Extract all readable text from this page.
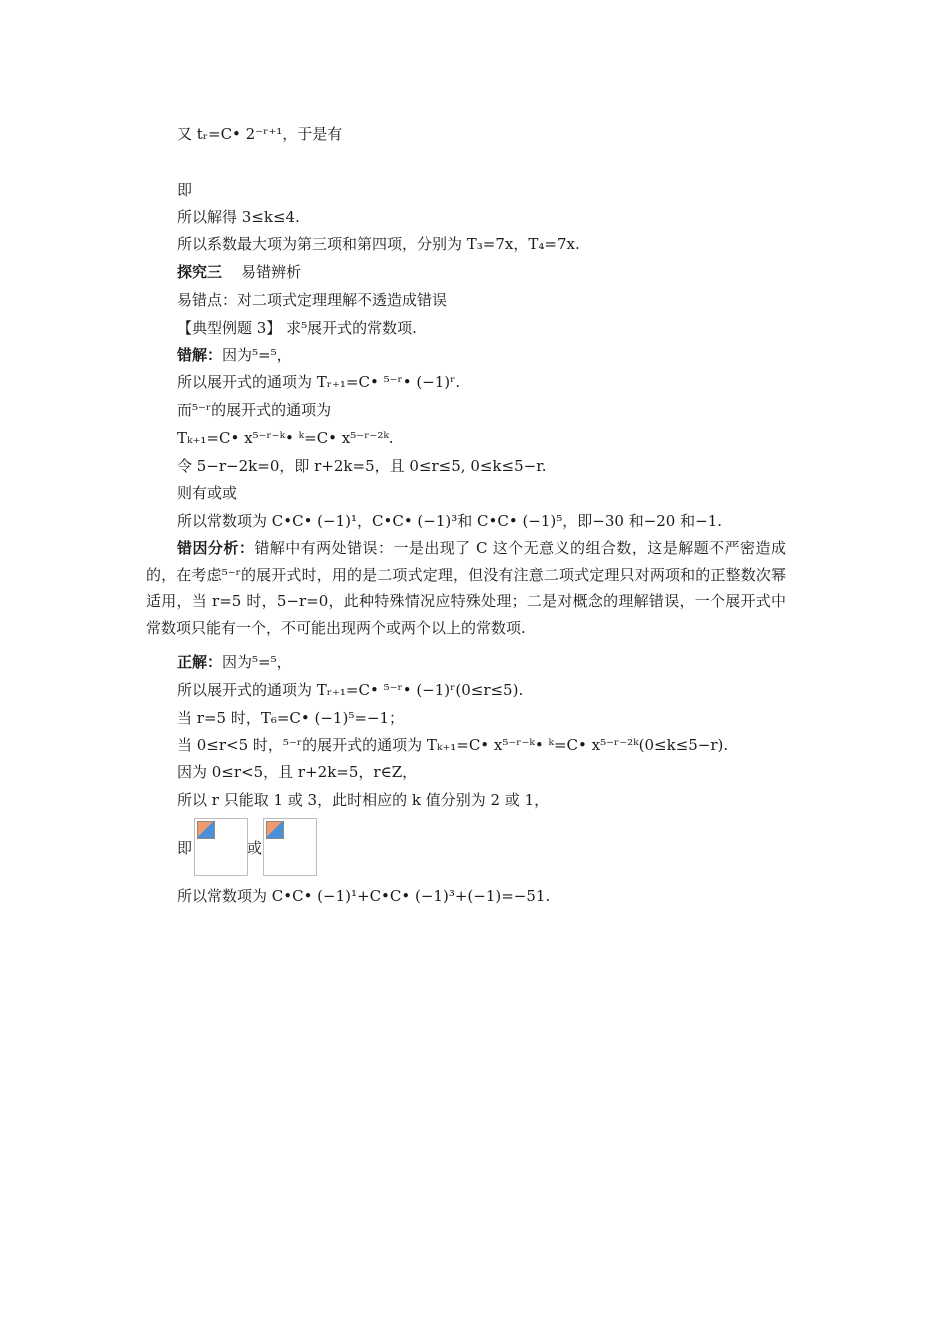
又 tᵣ=C• 2⁻ʳ⁺¹，于是有
即
所以解得 3≤k≤4.
所以系数最大项为第三项和第四项，分别为 T₃=7x，T₄=7x.
探究三 易错辨析
易错点：对二项式定理理解不透造成错误
【典型例题 3】 求⁵展开式的常数项.
错解：因为⁵=⁵，
所以展开式的通项为 Tᵣ₊₁=C• ⁵⁻ʳ• (−1)ʳ.
而⁵⁻ʳ的展开式的通项为
Tₖ₊₁=C• x⁵⁻ʳ⁻ᵏ• ᵏ=C• x⁵⁻ʳ⁻²ᵏ.
令 5−r−2k=0，即 r+2k=5，且 0≤r≤5, 0≤k≤5−r.
则有或或
所以常数项为 C•C• (−1)¹，C•C• (−1)³和 C•C• (−1)⁵，即−30 和−20 和−1.
错因分析：错解中有两处错误：一是出现了 C 这个无意义的组合数，这是解题不严密造成的，在考虑⁵⁻ʳ的展开式时，用的是二项式定理，但没有注意二项式定理只对两项和的正整数次幂适用，当 r=5 时，5−r=0，此种特殊情况应特殊处理；二是对概念的理解错误，一个展开式中常数项只能有一个，不可能出现两个或两个以上的常数项.
正解：因为⁵=⁵，
所以展开式的通项为 Tᵣ₊₁=C• ⁵⁻ʳ• (−1)ʳ(0≤r≤5).
当 r=5 时，T₆=C• (−1)⁵=−1；
当 0≤r<5 时，⁵⁻ʳ的展开式的通项为 Tₖ₊₁=C• x⁵⁻ʳ⁻ᵏ• ᵏ=C• x⁵⁻ʳ⁻²ᵏ(0≤k≤5−r).
因为 0≤r<5，且 r+2k=5，r∈Z，
所以 r 只能取 1 或 3，此时相应的 k 值分别为 2 或 1，
即	或
所以常数项为 C•C• (−1)¹+C•C• (−1)³+(−1)=−51.
